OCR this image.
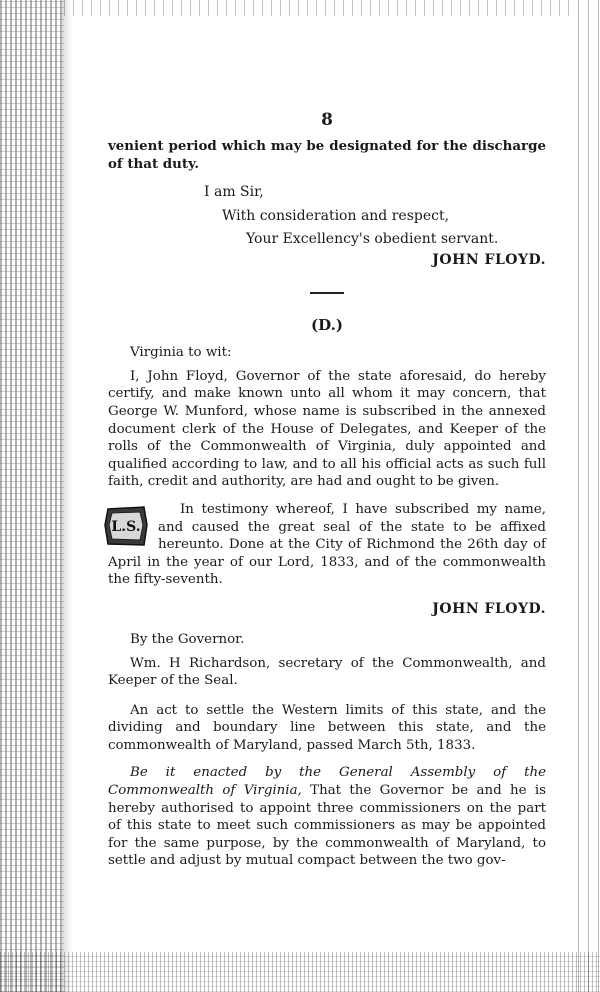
8

venient period which may be designated for the discharge of that duty.

I am Sir,

With consideration and respect,

Your Excellency's obedient servant.

JOHN FLOYD.

(D.)

Virginia to wit:

I, John Floyd, Governor of the state aforesaid, do hereby certify, and make known unto all whom it may concern, that George W. Munford, whose name is subscribed in the annexed document clerk of the House of Delegates, and Keeper of the rolls of the Commonwealth of Virginia, duly appointed and qualified according to law, and to all his official acts as such full faith, credit and authority, are had and ought to be given.

L.S.

In testimony whereof, I have subscribed my name, and caused the great seal of the state to be affixed hereunto. Done at the City of Richmond the 26th day of April in the year of our Lord, 1833, and of the commonwealth the fifty-seventh.

JOHN FLOYD.

By the Governor.

Wm. H Richardson, secretary of the Commonwealth, and Keeper of the Seal.

An act to settle the Western limits of this state, and the dividing and boundary line between this state, and the commonwealth of Maryland, passed March 5th, 1833.

Be it enacted by the General Assembly of the Commonwealth of Virginia, That the Governor be and he is hereby authorised to appoint three commissioners on the part of this state to meet such commissioners as may be appointed for the same purpose, by the commonwealth of Maryland, to settle and adjust by mutual compact between the two gov-
